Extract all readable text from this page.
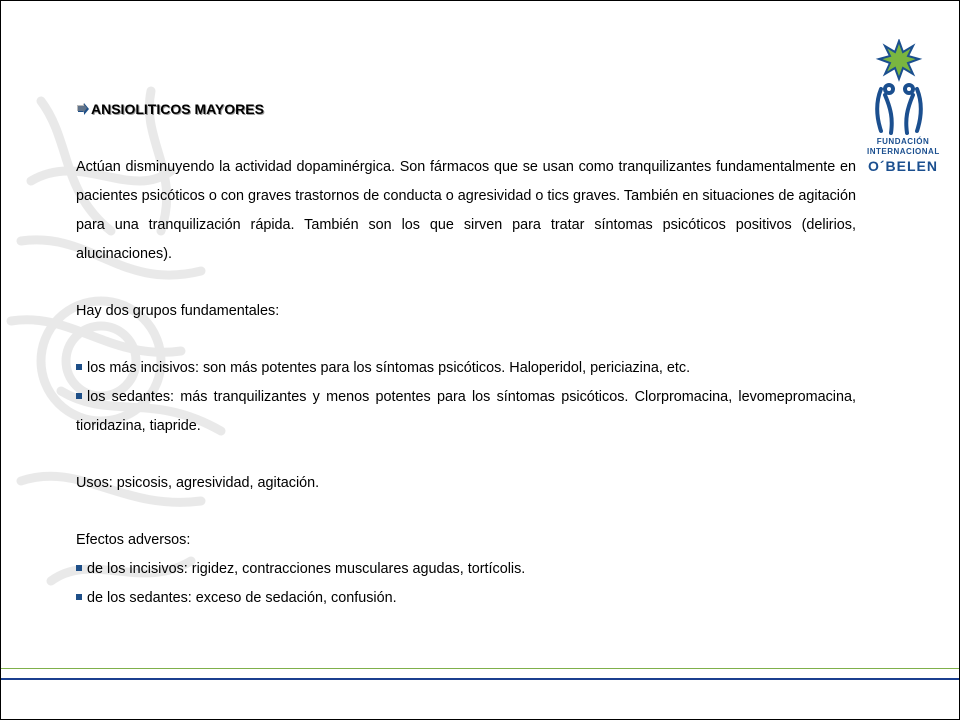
FUNDACIÓN
INTERNACIONAL
O´BELEN
ANSIOLITICOS MAYORES

Actúan disminuyendo la actividad dopaminérgica. Son fármacos que se usan como tranquilizantes fundamentalmente en pacientes psicóticos o con graves trastornos de conducta o agresividad o tics graves. También en situaciones de agitación para una tranquilización rápida. También son los que sirven para tratar síntomas psicóticos positivos (delirios, alucinaciones).

Hay dos grupos fundamentales:

los más incisivos: son más potentes para los síntomas psicóticos. Haloperidol, periciazina, etc.

los sedantes: más tranquilizantes y menos potentes para los síntomas psicóticos. Clorpromacina, levomepromacina, tioridazina, tiapride.

Usos: psicosis, agresividad, agitación.

Efectos adversos:

de los incisivos: rigidez, contracciones musculares agudas, tortícolis.

de los sedantes: exceso de sedación, confusión.
